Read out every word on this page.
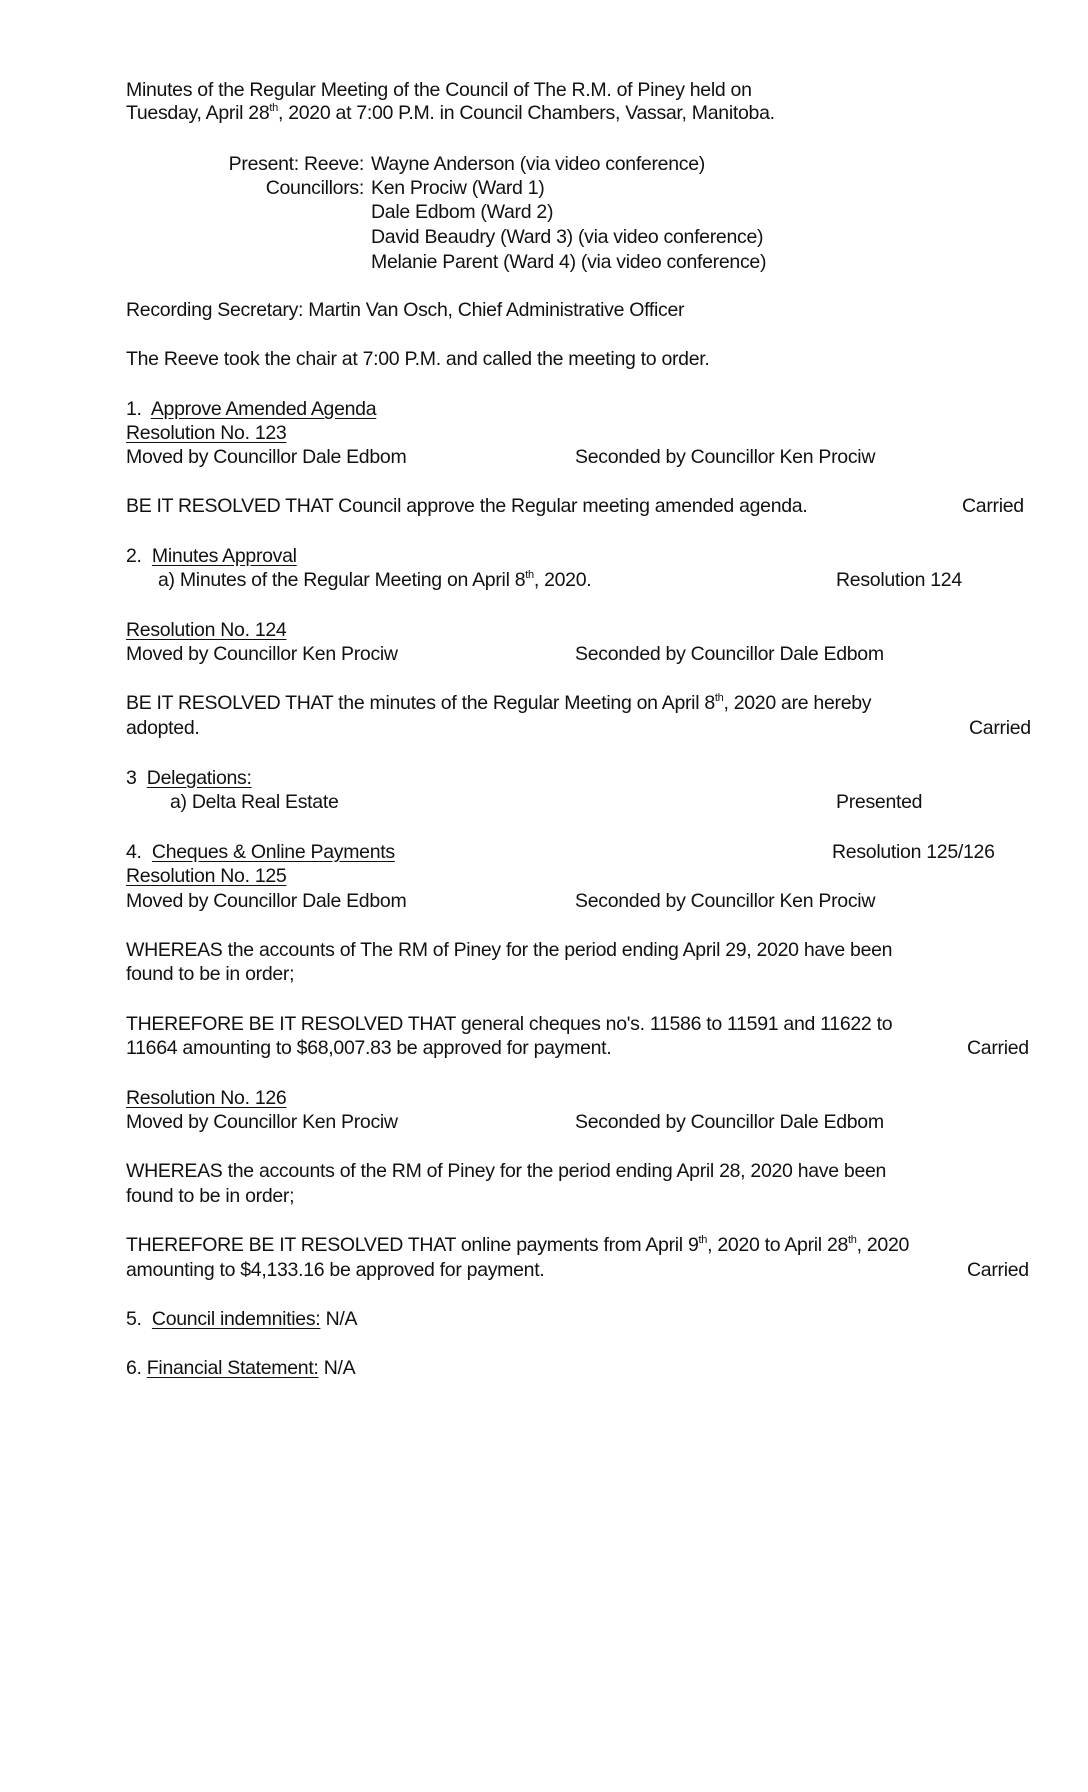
Minutes of the Regular Meeting of the Council of The R.M. of Piney held on
Tuesday, April 28th, 2020 at 7:00 P.M. in Council Chambers, Vassar, Manitoba.
Present: Reeve: Wayne Anderson (via video conference)
Councillors: Ken Prociw (Ward 1)
Dale Edbom (Ward 2)
David Beaudry (Ward 3) (via video conference)
Melanie Parent (Ward 4) (via video conference)
Recording Secretary: Martin Van Osch, Chief Administrative Officer
The Reeve took the chair at 7:00 P.M. and called the meeting to order.
1. Approve Amended Agenda
Resolution No. 123
Moved by Councillor Dale Edbom	Seconded by Councillor Ken Prociw
BE IT RESOLVED THAT Council approve the Regular meeting amended agenda.	Carried
2. Minutes Approval
a) Minutes of the Regular Meeting on April 8th, 2020.	Resolution 124
Resolution No. 124
Moved by Councillor Ken Prociw	Seconded by Councillor Dale Edbom
BE IT RESOLVED THAT the minutes of the Regular Meeting on April 8th, 2020 are hereby
adopted.	Carried
3 Delegations:
a) Delta Real Estate	Presented
4. Cheques & Online Payments	Resolution 125/126
Resolution No. 125
Moved by Councillor Dale Edbom	Seconded by Councillor Ken Prociw
WHEREAS the accounts of The RM of Piney for the period ending April 29, 2020 have been
found to be in order;
THEREFORE BE IT RESOLVED THAT general cheques no's. 11586 to 11591 and 11622 to
11664 amounting to $68,007.83 be approved for payment.	Carried
Resolution No. 126
Moved by Councillor Ken Prociw	Seconded by Councillor Dale Edbom
WHEREAS the accounts of the RM of Piney for the period ending April 28, 2020 have been
found to be in order;
THEREFORE BE IT RESOLVED THAT online payments from April 9th, 2020 to April 28th, 2020
amounting to $4,133.16 be approved for payment.	Carried
5. Council indemnities: N/A
6. Financial Statement: N/A
